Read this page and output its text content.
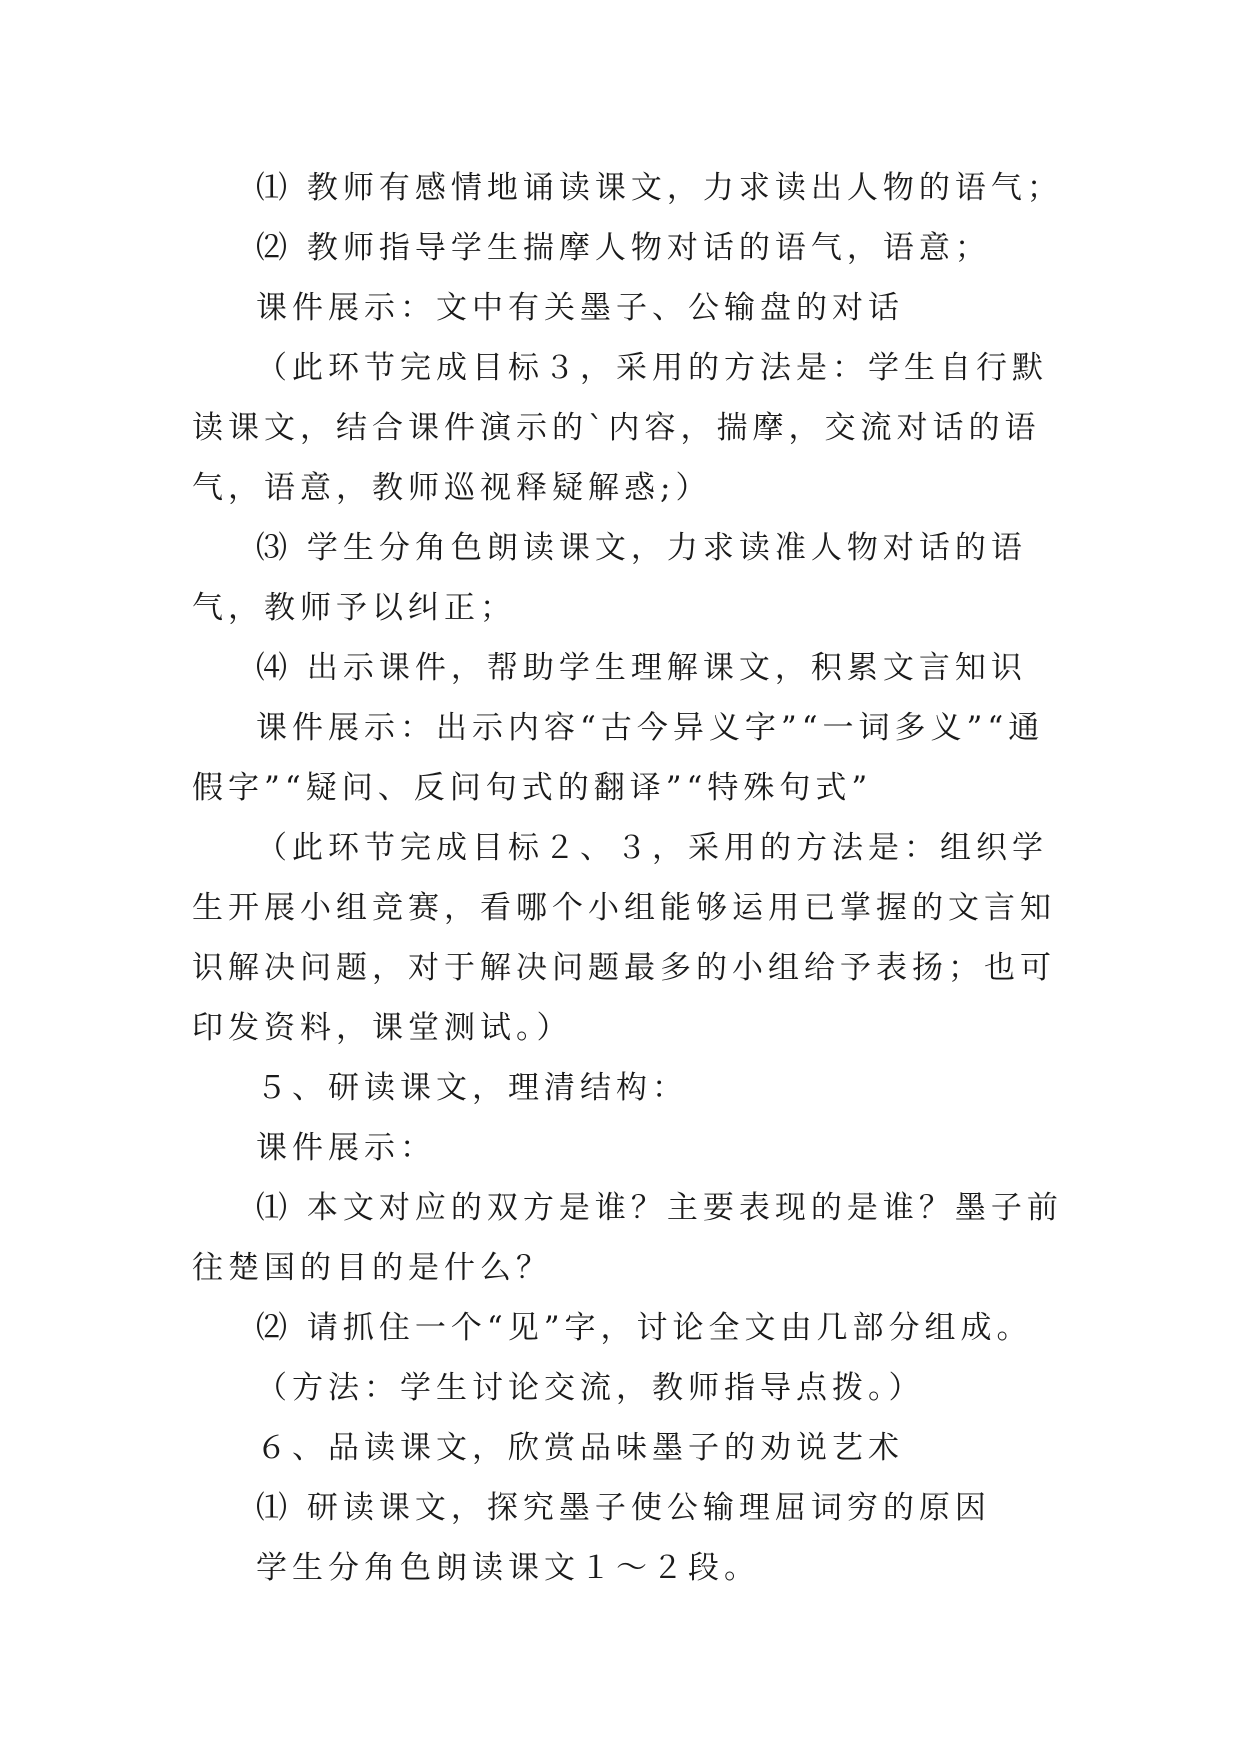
⑴ 教师有感情地诵读课文，力求读出人物的语气；

⑵ 教师指导学生揣摩人物对话的语气，语意；

课件展示：文中有关墨子、公输盘的对话

（此环节完成目标３，采用的方法是：学生自行默读课文，结合课件演示的`内容，揣摩，交流对话的语气，语意，教师巡视释疑解惑;）

⑶ 学生分角色朗读课文，力求读准人物对话的语气，教师予以纠正；

⑷ 出示课件，帮助学生理解课文，积累文言知识

课件展示：出示内容“古今异义字”“一词多义”“通假字”“疑问、反问句式的翻译”“特殊句式”

（此环节完成目标２、３，采用的方法是：组织学生开展小组竞赛，看哪个小组能够运用已掌握的文言知识解决问题，对于解决问题最多的小组给予表扬；也可印发资料，课堂测试。）

５、研读课文，理清结构：

课件展示：

⑴ 本文对应的双方是谁？主要表现的是谁？墨子前往楚国的目的是什么？

⑵ 请抓住一个“见”字，讨论全文由几部分组成。

（方法：学生讨论交流，教师指导点拨。）

６、品读课文，欣赏品味墨子的劝说艺术

⑴ 研读课文，探究墨子使公输理屈词穷的原因

学生分角色朗读课文１～２段。
